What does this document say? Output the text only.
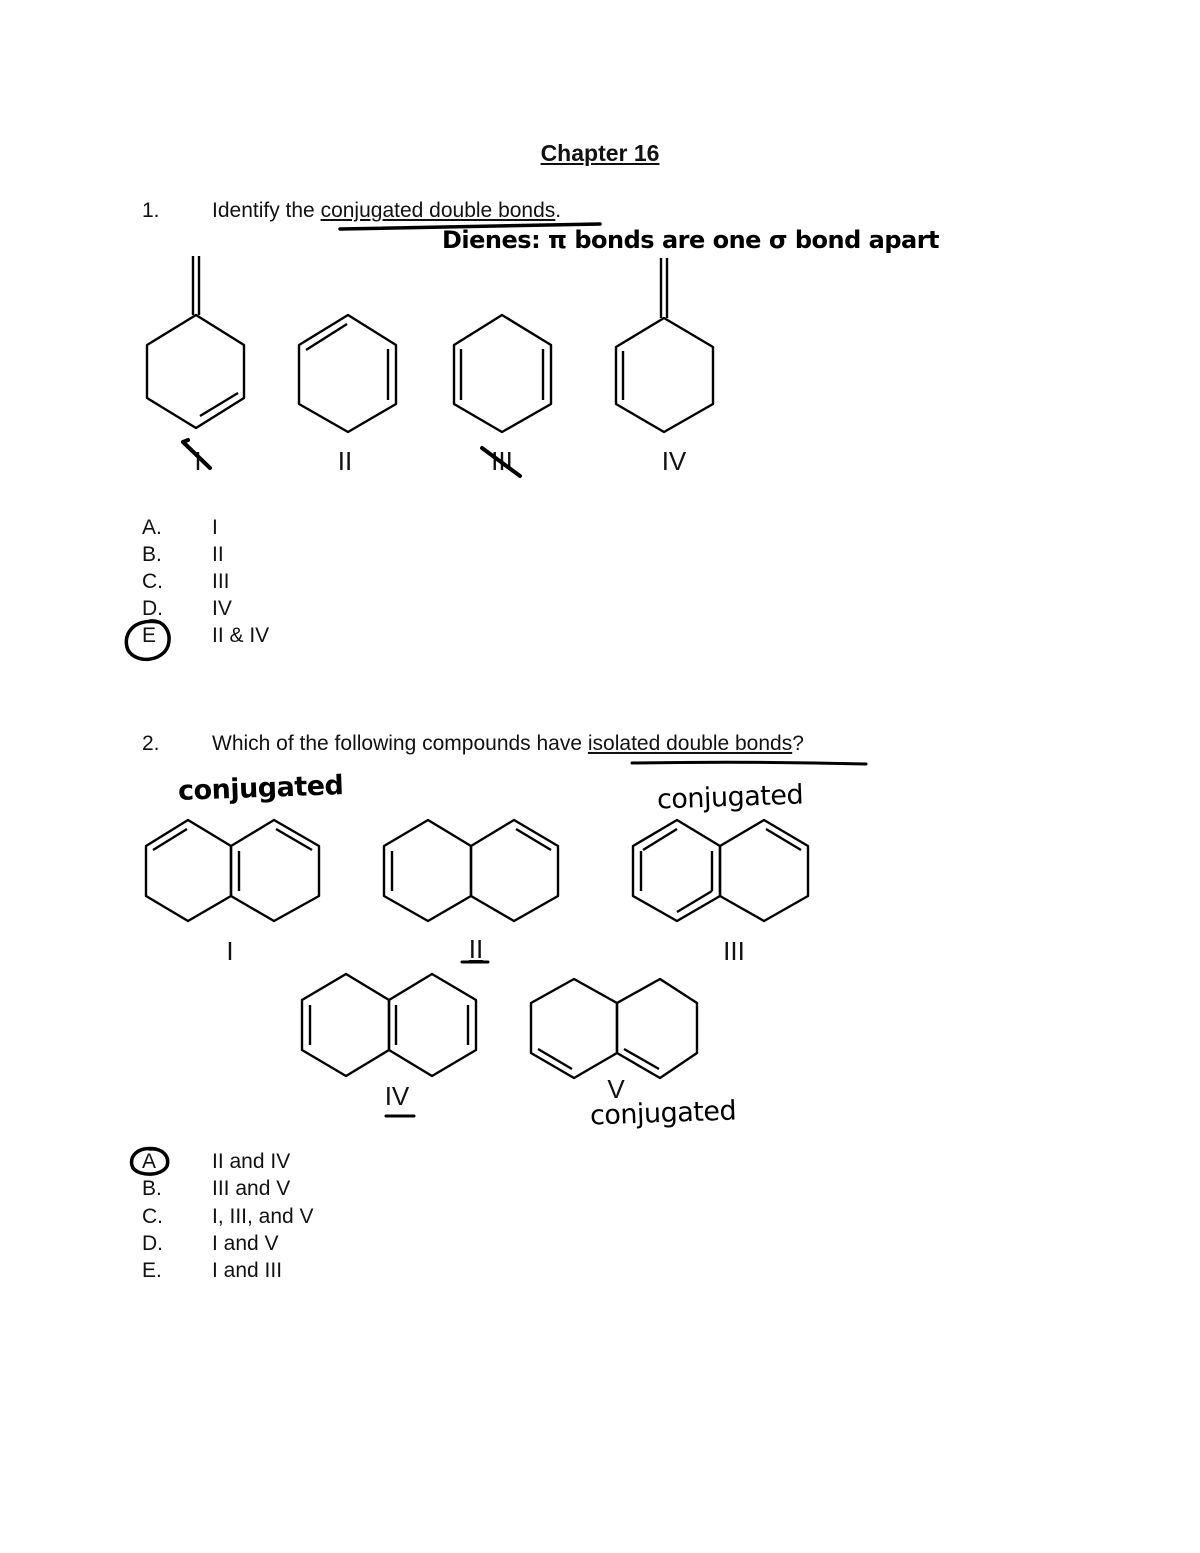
Chapter 16
1. Identify the conjugated double bonds.
Dienes: π bonds are one σ bond apart
I	II	III	IV
A.	I
B.	II
C.	III
D.	IV
E	II & IV
2. Which of the following compounds have isolated double bonds?
conjugated	conjugated
conjugated
I	II	III
IV	V
A	II and IV
B.	III and V
C.	I, III, and V
D.	I and V
E.	I and III
